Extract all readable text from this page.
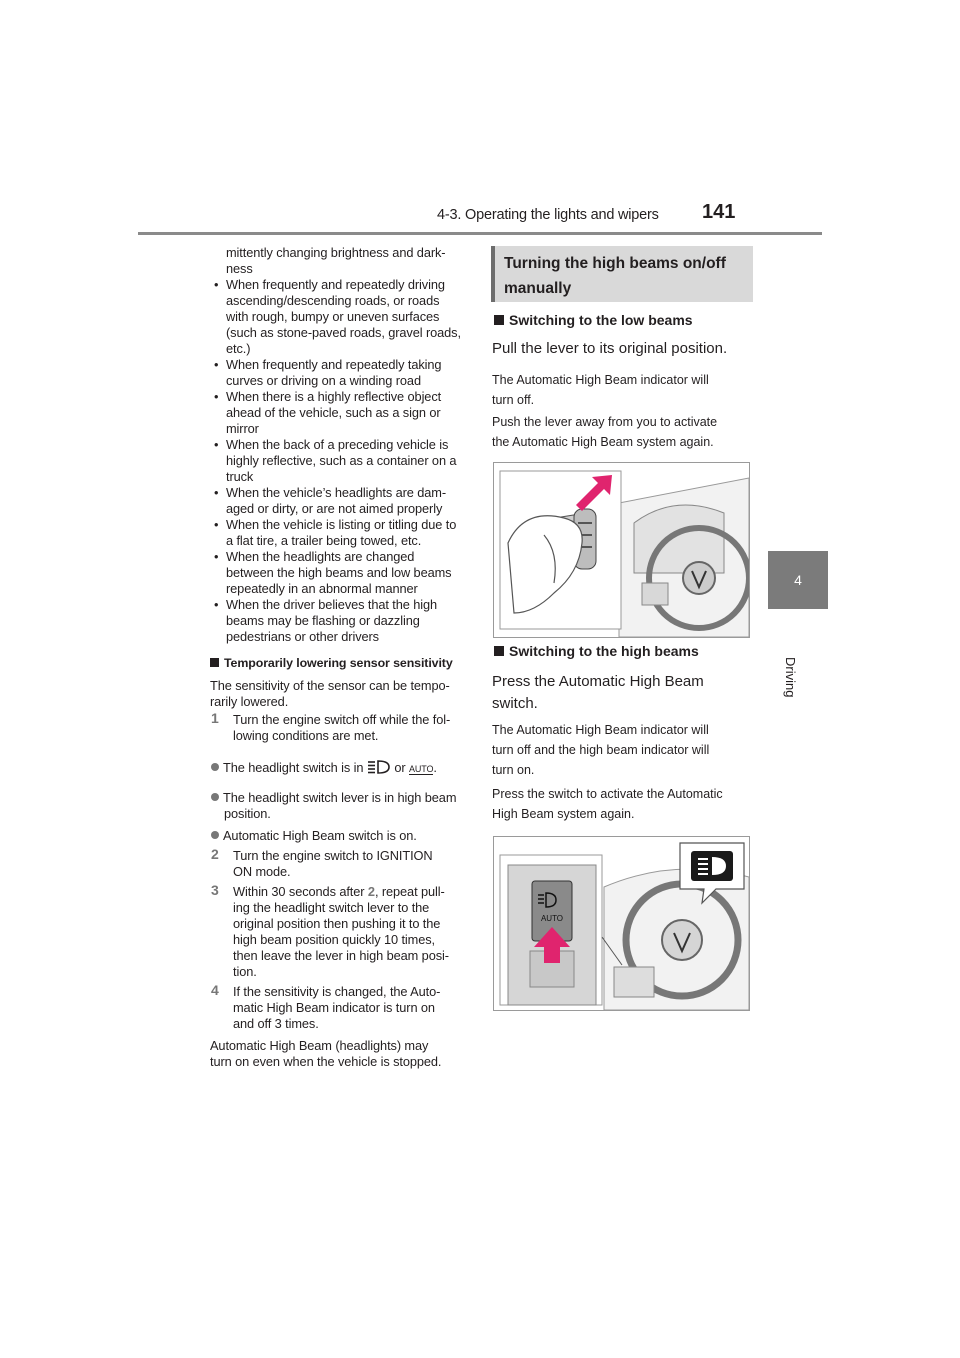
4-3. Operating the lights and wipers 141
4
Driving
mittently changing brightness and dark-
ness
• When frequently and repeatedly driving
ascending/descending roads, or roads
with rough, bumpy or uneven surfaces
(such as stone-paved roads, gravel roads,
etc.)
• When frequently and repeatedly taking
curves or driving on a winding road
• When there is a highly reflective object
ahead of the vehicle, such as a sign or
mirror
• When the back of a preceding vehicle is
highly reflective, such as a container on a
truck
• When the vehicle’s headlights are dam-
aged or dirty, or are not aimed properly
• When the vehicle is listing or titling due to
a flat tire, a trailer being towed, etc.
• When the headlights are changed
between the high beams and low beams
repeatedly in an abnormal manner
• When the driver believes that the high
beams may be flashing or dazzling
pedestrians or other drivers
Temporarily lowering sensor sensitivity
The sensitivity of the sensor can be tempo-
rarily lowered.
1 Turn the engine switch off while the fol-
lowing conditions are met.
The headlight switch is in or AUTO.
The headlight switch lever is in high beam
position.
Automatic High Beam switch is on.
2 Turn the engine switch to IGNITION
ON mode.
3 Within 30 seconds after 2, repeat pull-
ing the headlight switch lever to the
original position then pushing it to the
high beam position quickly 10 times,
then leave the lever in high beam posi-
tion.
4 If the sensitivity is changed, the Auto-
matic High Beam indicator is turn on
and off 3 times.
Automatic High Beam (headlights) may
turn on even when the vehicle is stopped.
Turning the high beams on/off
manually
Switching to the low beams
Pull the lever to its original position.
The Automatic High Beam indicator will
turn off.
Push the lever away from you to activate
the Automatic High Beam system again.
Switching to the high beams
Press the Automatic High Beam
switch.
The Automatic High Beam indicator will
turn off and the high beam indicator will
turn on.
Press the switch to activate the Automatic
High Beam system again.
AUTO
